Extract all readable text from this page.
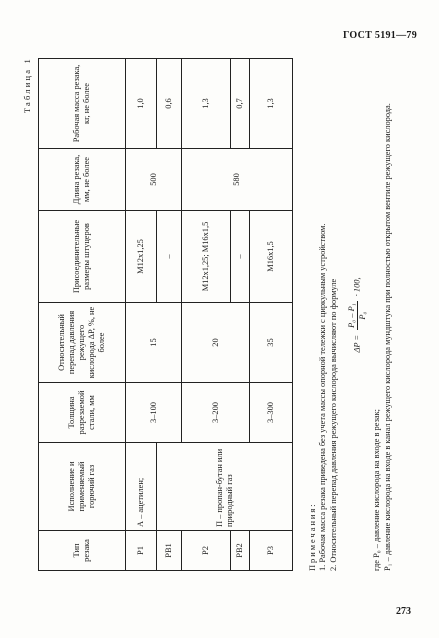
ГОСТ 5191—79
Таблица 1
Тип резака	Исполнение и применяемый горючий газ	Толщина разрезаемой стали, мм	Относительный перепад давления режущего кислорода ΔP, %, не более	Присоединительные размеры штуцеров	Длина резака, мм, не более	Рабочая масса резака, кг, не более
Р1	А – ацетилен;	3–100	15	М12х1,25	500	1,0
РВ1	П – пропан-бутан или природный газ			–		0,6
Р2		3–200	20	М12х1,25; М16х1,5	580	1,3
РВ2				–		0,7
Р3		3–300	35	М16х1,5		1,3
Примечания: 1. Рабочая масса резака приведена без учета массы опорной тележки с циркульным устройством. 2. Относительный перепад давления режущего кислорода вычисляют по формуле	ΔP =
P₀ – P₁ P₀
· 100,
где P₀ – давление кислорода на входе в резак; P₁ – давление кислорода на входе в канал режущего кислорода мундштука при полностью открытом вентиле режущего кислорода.
273
